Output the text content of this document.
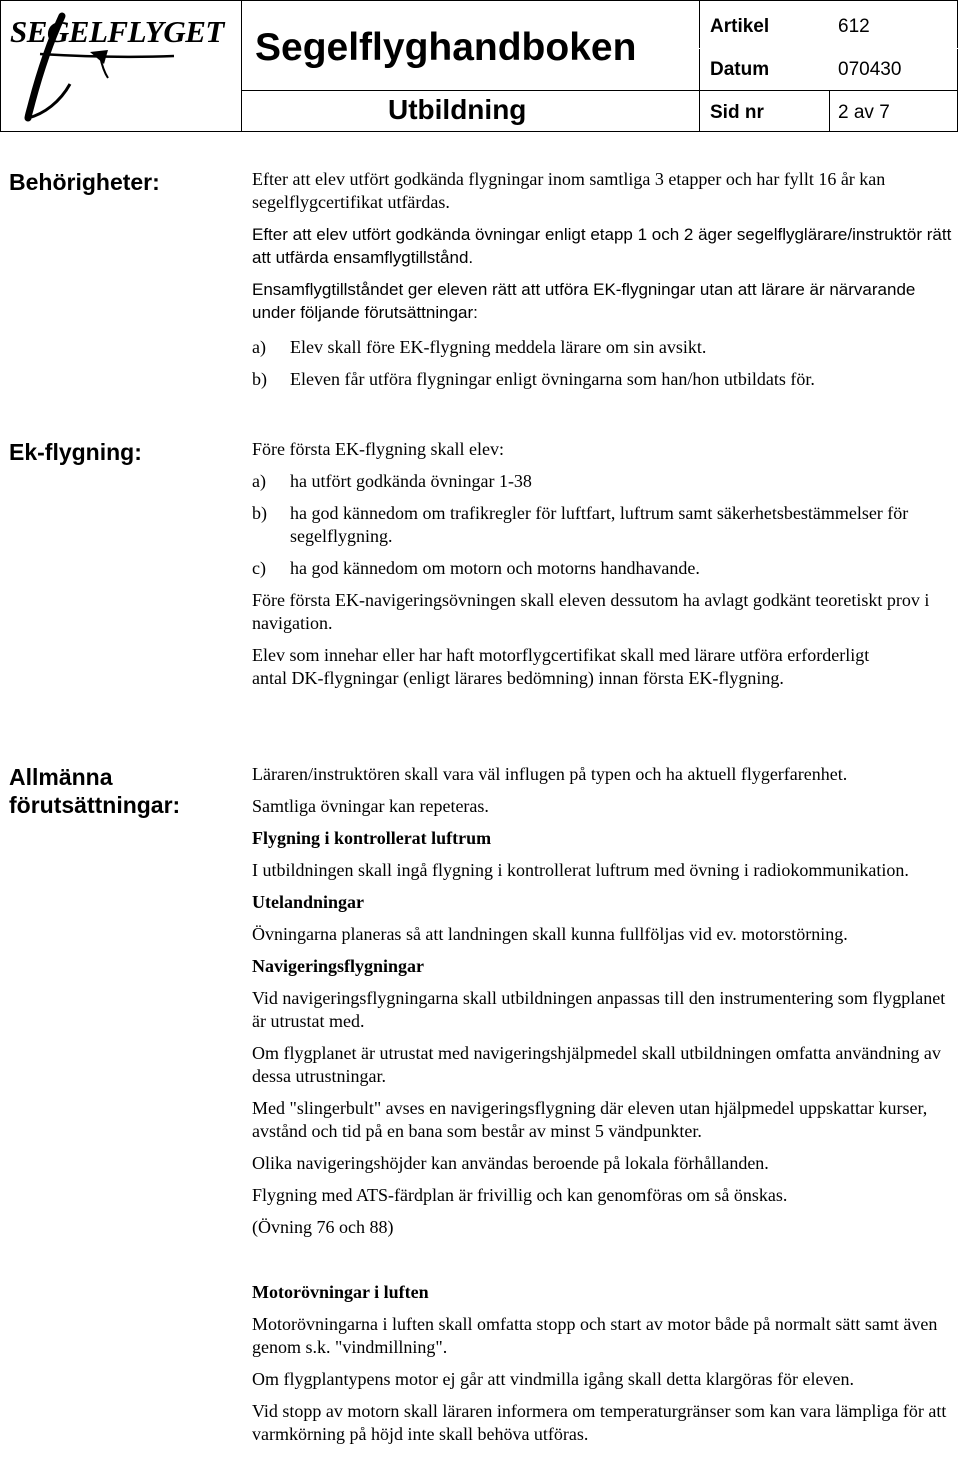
SEGELFLYGET Segelflyghandboken
Utbildning
Artikel	612
Datum	070430
Sid nr	2 av 7
Behörigheter:	Efter att elev utfört godkända flygningar inom samtliga 3 etapper och har fyllt 16 år kan segelflygcertifikat utfärdas.

Efter att elev utfört godkända övningar enligt etapp 1 och 2 äger segelflyglärare/instruktör rätt att utfärda ensamflygtillstånd.

Ensamflygtillståndet ger eleven rätt att utföra EK-flygningar utan att lärare är närvarande under följande förutsättningar:

a)	Elev skall före EK-flygning meddela lärare om sin avsikt.
b)	Eleven får utföra flygningar enligt övningarna som han/hon utbildats för.
Ek-flygning:	Före första EK-flygning skall elev:

a)	ha utfört godkända övningar 1-38
b)	ha god kännedom om trafikregler för luftfart, luftrum samt säkerhetsbestämmelser för segelflygning.
c)	ha god kännedom om motorn och motorns handhavande.

Före första EK-navigeringsövningen skall eleven dessutom ha avlagt godkänt teoretiskt prov i navigation.

Elev som innehar eller har haft motorflygcertifikat skall med lärare utföra erforderligt antal DK-flygningar (enligt lärares bedömning) innan första EK-flygning.

Allmänna
förutsättningar:

Läraren/instruktören skall vara väl influgen på typen och ha aktuell flygerfarenhet.

Samtliga övningar kan repeteras.

Flygning i kontrollerat luftrum

I utbildningen skall ingå flygning i kontrollerat luftrum med övning i radiokommunikation.

Utelandningar

Övningarna planeras så att landningen skall kunna fullföljas vid ev. motorstörning.

Navigeringsflygningar

Vid navigeringsflygningarna skall utbildningen anpassas till den instrumentering som flygplanet är utrustat med.

Om flygplanet är utrustat med navigeringshjälpmedel skall utbildningen omfatta användning av dessa utrustningar.

Med "slingerbult" avses en navigeringsflygning där eleven utan hjälpmedel uppskattar kurser, avstånd och tid på en bana som består av minst 5 vändpunkter.

Olika navigeringshöjder kan användas beroende på lokala förhållanden.

Flygning med ATS-färdplan är frivillig och kan genomföras om så önskas.

(Övning 76 och 88)

Motorövningar i luften

Motorövningarna i luften skall omfatta stopp och start av motor både på normalt sätt samt även genom s.k. "vindmillning".

Om flygplantypens motor ej går att vindmilla igång skall detta klargöras för eleven.

Vid stopp av motorn skall läraren informera om temperaturgränser som kan vara lämpliga för att varmkörning på höjd inte skall behöva utföras.
